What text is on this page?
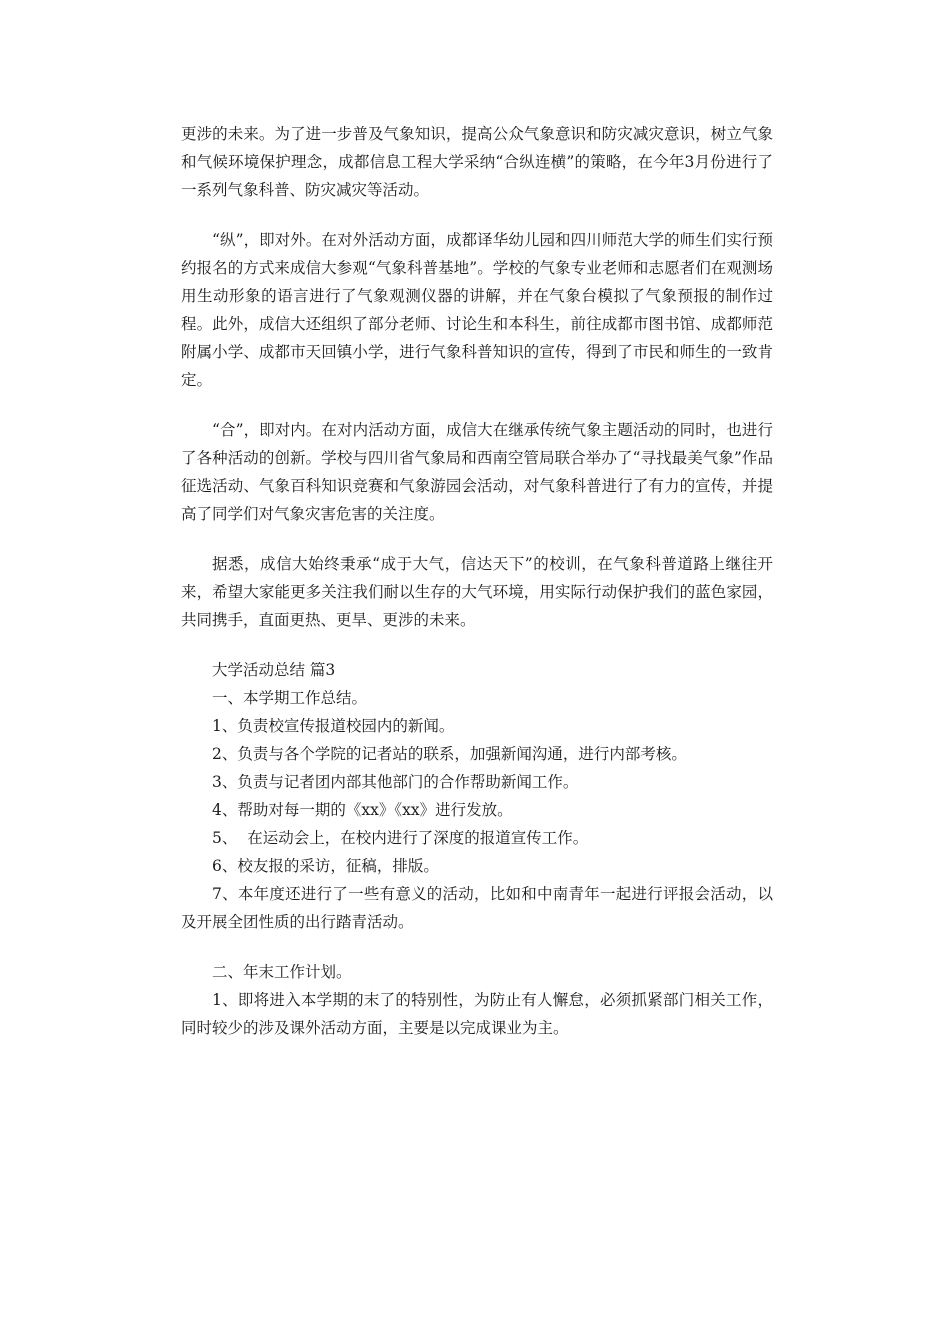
更涉的未来。为了进一步普及气象知识，提高公众气象意识和防灾减灾意识，树立气象和气候环境保护理念，成都信息工程大学采纳“合纵连横”的策略，在今年3月份进行了一系列气象科普、防灾减灾等活动。

“纵”，即对外。在对外活动方面，成都译华幼儿园和四川师范大学的师生们实行预约报名的方式来成信大参观“气象科普基地”。学校的气象专业老师和志愿者们在观测场用生动形象的语言进行了气象观测仪器的讲解，并在气象台模拟了气象预报的制作过程。此外，成信大还组织了部分老师、讨论生和本科生，前往成都市图书馆、成都师范附属小学、成都市天回镇小学，进行气象科普知识的宣传，得到了市民和师生的一致肯定。

“合”，即对内。在对内活动方面，成信大在继承传统气象主题活动的同时，也进行了各种活动的创新。学校与四川省气象局和西南空管局联合举办了“寻找最美气象”作品征选活动、气象百科知识竞赛和气象游园会活动，对气象科普进行了有力的宣传，并提高了同学们对气象灾害危害的关注度。

据悉，成信大始终秉承“成于大气，信达天下”的校训，在气象科普道路上继往开来，希望大家能更多关注我们耐以生存的大气环境，用实际行动保护我们的蓝色家园，共同携手，直面更热、更旱、更涉的未来。

大学活动总结 篇3

一、本学期工作总结。

1、负责校宣传报道校园内的新闻。

2、负责与各个学院的记者站的联系，加强新闻沟通，进行内部考核。

3、负责与记者团内部其他部门的合作帮助新闻工作。

4、帮助对每一期的《xx》《xx》进行发放。

5、  在运动会上，在校内进行了深度的报道宣传工作。

6、校友报的采访，征稿，排版。

7、本年度还进行了一些有意义的活动，比如和中南青年一起进行评报会活动，以及开展全团性质的出行踏青活动。

二、年末工作计划。

1、即将进入本学期的末了的特别性，为防止有人懈怠，必须抓紧部门相关工作，同时较少的涉及课外活动方面，主要是以完成课业为主。
